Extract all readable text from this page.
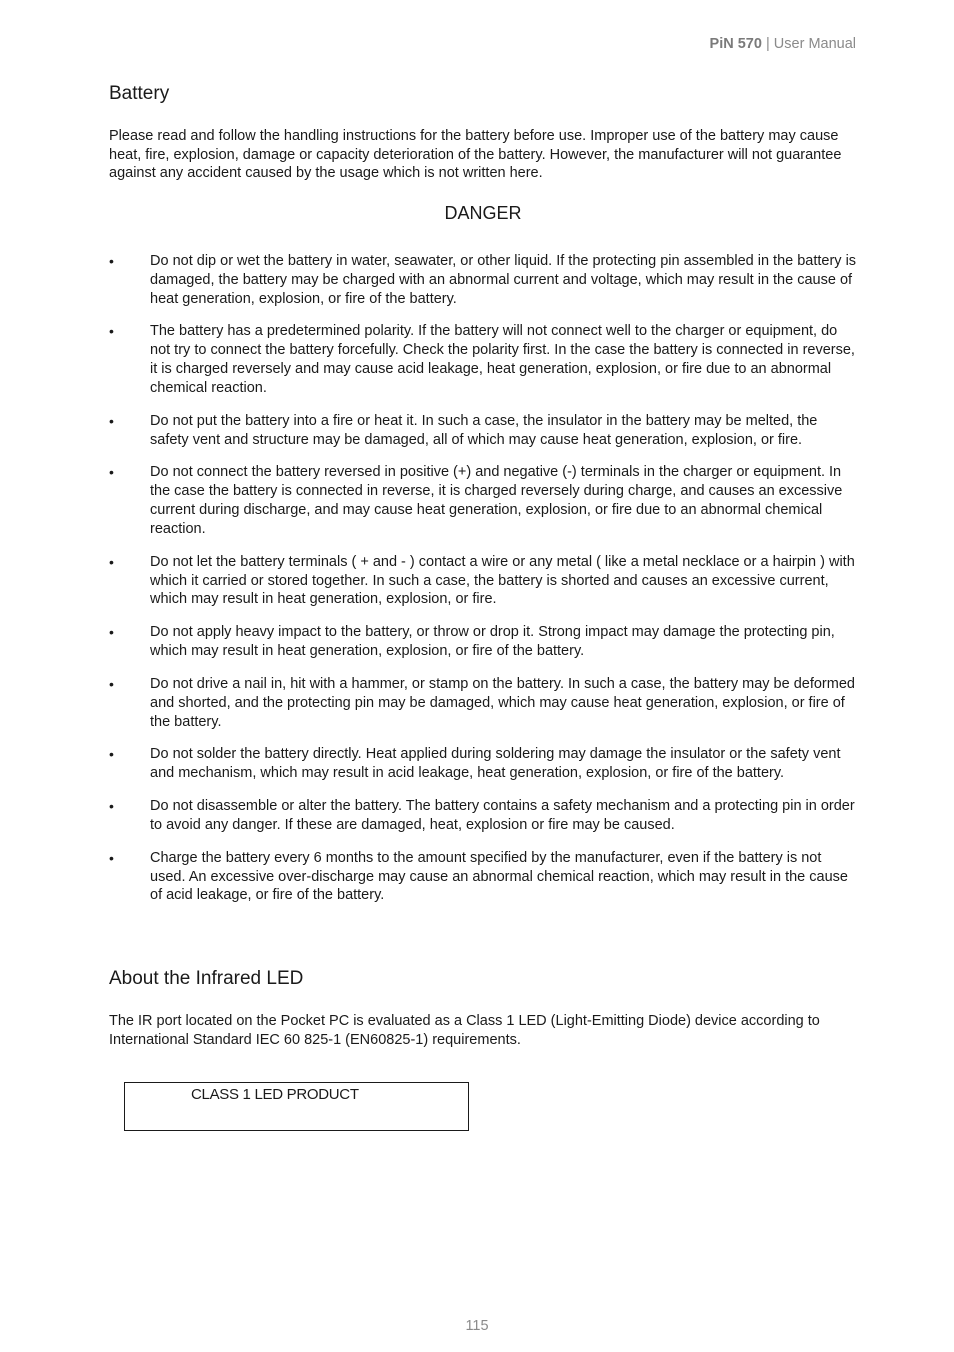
PiN 570 | User Manual
Battery

Please read and follow the handling instructions for the battery before use. Improper use of the battery may cause heat, fire, explosion, damage or capacity deterioration of the battery. However, the manufacturer will not guarantee against any accident caused by the usage which is not written here.

DANGER
• Do not dip or wet the battery in water, seawater, or other liquid. If the protecting pin assembled in the battery is damaged, the battery may be charged with an abnormal current and voltage, which may result in the cause of heat generation, explosion, or fire of the battery.
• The battery has a predetermined polarity. If the battery will not connect well to the charger or equipment, do not try to connect the battery forcefully. Check the polarity first. In the case the battery is connected in reverse, it is charged reversely and may cause acid leakage, heat generation, explosion, or fire due to an abnormal chemical reaction.
• Do not put the battery into a fire or heat it. In such a case, the insulator in the battery may be melted, the safety vent and structure may be damaged, all of which may cause heat generation, explosion, or fire.
• Do not connect the battery reversed in positive (+) and negative (-) terminals in the charger or equipment. In the case the battery is connected in reverse, it is charged reversely during charge, and causes an excessive current during discharge, and may cause heat generation, explosion, or fire due to an abnormal chemical reaction.
• Do not let the battery terminals ( + and - ) contact a wire or any metal ( like a metal necklace or a hairpin ) with which it carried or stored together. In such a case, the battery is shorted and causes an excessive current, which may result in heat generation, explosion, or fire.
• Do not apply heavy impact to the battery, or throw or drop it. Strong impact may damage the protecting pin, which may result in heat generation, explosion, or fire of the battery.
• Do not drive a nail in, hit with a hammer, or stamp on the battery. In such a case, the battery may be deformed and shorted, and the protecting pin may be damaged, which may cause heat generation, explosion, or fire of the battery.
• Do not solder the battery directly. Heat applied during soldering may damage the insulator or the safety vent and mechanism, which may result in acid leakage, heat generation, explosion, or fire of the battery.
• Do not disassemble or alter the battery. The battery contains a safety mechanism and a protecting pin in order to avoid any danger. If these are damaged, heat, explosion or fire may be caused.
• Charge the battery every 6 months to the amount specified by the manufacturer, even if the battery is not used. An excessive over-discharge may cause an abnormal chemical reaction, which may result in the cause of acid leakage, or fire of the battery.
About the Infrared LED

The IR port located on the Pocket PC is evaluated as a Class 1 LED (Light-Emitting Diode) device according to International Standard IEC 60 825-1 (EN60825-1) requirements.

CLASS 1 LED PRODUCT
115
